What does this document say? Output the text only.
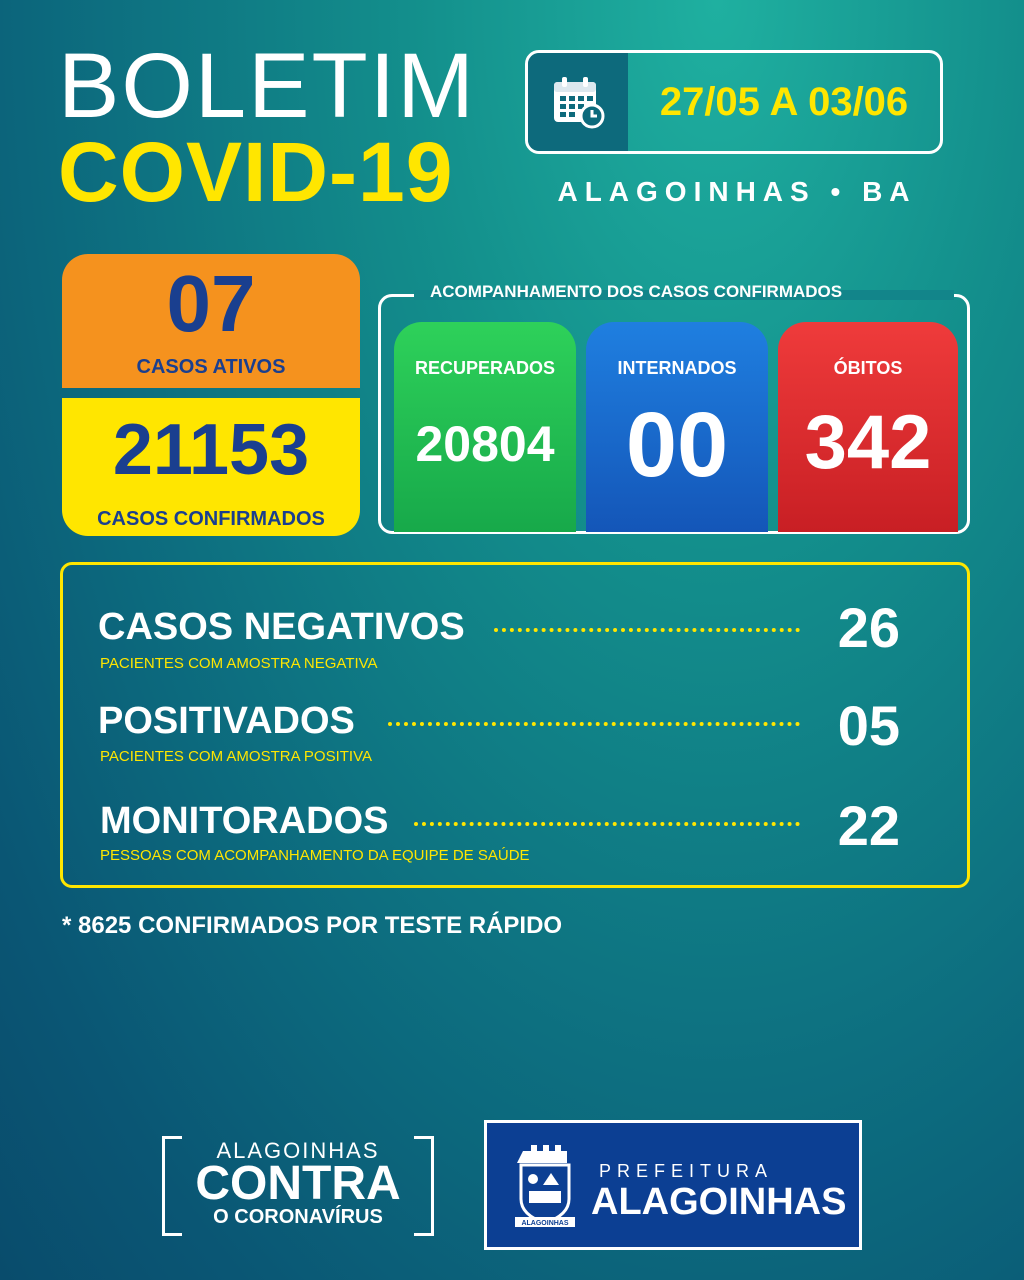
BOLETIM
COVID-19
27/05 A 03/06
ALAGOINHAS • BA
07
CASOS ATIVOS
21153
CASOS CONFIRMADOS
ACOMPANHAMENTO DOS CASOS CONFIRMADOS
RECUPERADOS
20804
INTERNADOS
00
ÓBITOS
342
CASOS NEGATIVOS	26
PACIENTES COM AMOSTRA NEGATIVA
POSITIVADOS	05
PACIENTES COM AMOSTRA POSITIVA
MONITORADOS	22
PESSOAS COM ACOMPANHAMENTO DA EQUIPE DE SAÚDE
* 8625 CONFIRMADOS POR TESTE RÁPIDO
ALAGOINHAS
CONTRA
O CORONAVÍRUS	ALAGOINHAS
PREFEITURA
ALAGOINHAS
